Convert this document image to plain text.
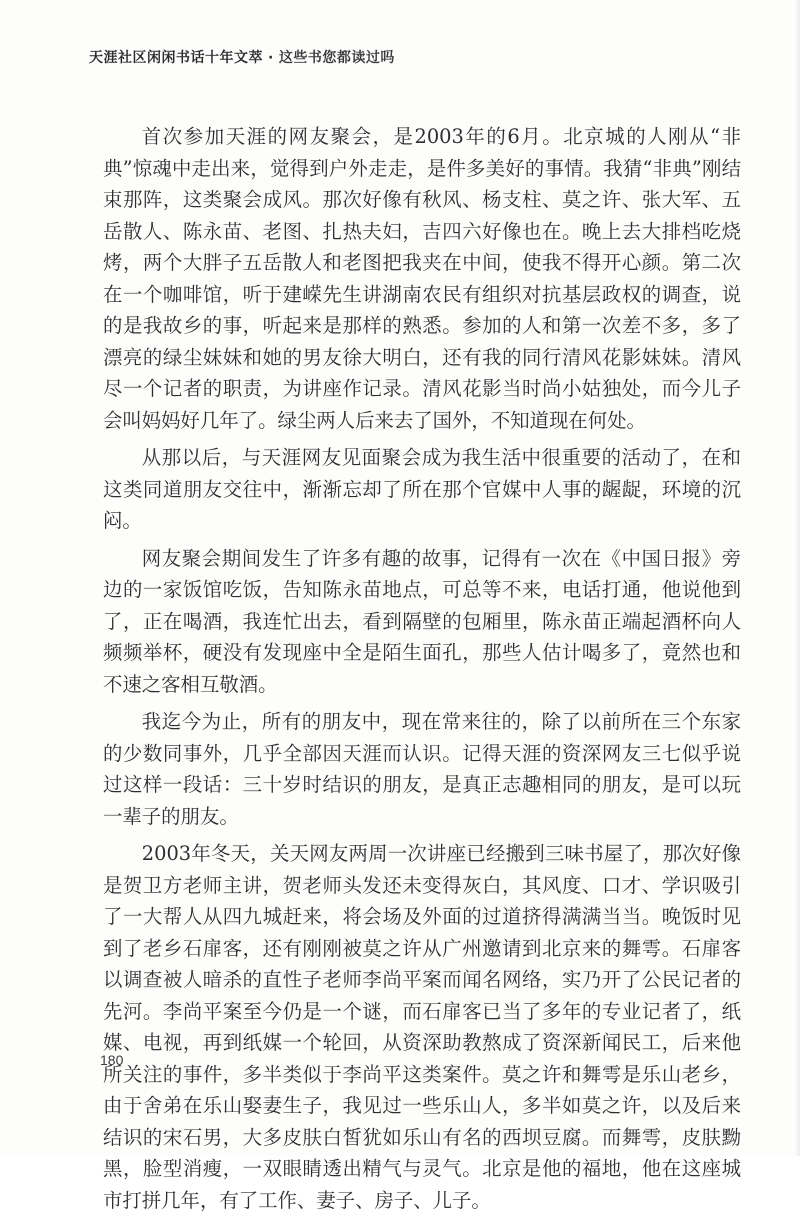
天涯社区闲闲书话十年文萃 · 这些书您都读过吗

首次参加天涯的网友聚会，是2003年的6月。北京城的人刚从“非典”惊魂中走出来，觉得到户外走走，是件多美好的事情。我猜“非典”刚结束那阵，这类聚会成风。那次好像有秋风、杨支柱、莫之许、张大军、五岳散人、陈永苗、老图、扎热夫妇，吉四六好像也在。晚上去大排档吃烧烤，两个大胖子五岳散人和老图把我夹在中间，使我不得开心颜。第二次在一个咖啡馆，听于建嵘先生讲湖南农民有组织对抗基层政权的调查，说的是我故乡的事，听起来是那样的熟悉。参加的人和第一次差不多，多了漂亮的绿尘妹妹和她的男友徐大明白，还有我的同行清风花影妹妹。清风尽一个记者的职责，为讲座作记录。清风花影当时尚小姑独处，而今儿子会叫妈妈好几年了。绿尘两人后来去了国外，不知道现在何处。

从那以后，与天涯网友见面聚会成为我生活中很重要的活动了，在和这类同道朋友交往中，渐渐忘却了所在那个官媒中人事的龌龊，环境的沉闷。

网友聚会期间发生了许多有趣的故事，记得有一次在《中国日报》旁边的一家饭馆吃饭，告知陈永苗地点，可总等不来，电话打通，他说他到了，正在喝酒，我连忙出去，看到隔壁的包厢里，陈永苗正端起酒杯向人频频举杯，硬没有发现座中全是陌生面孔，那些人估计喝多了，竟然也和不速之客相互敬酒。

我迄今为止，所有的朋友中，现在常来往的，除了以前所在三个东家的少数同事外，几乎全部因天涯而认识。记得天涯的资深网友三七似乎说过这样一段话：三十岁时结识的朋友，是真正志趣相同的朋友，是可以玩一辈子的朋友。

2003年冬天，关天网友两周一次讲座已经搬到三味书屋了，那次好像是贺卫方老师主讲，贺老师头发还未变得灰白，其风度、口才、学识吸引了一大帮人从四九城赶来，将会场及外面的过道挤得满满当当。晚饭时见到了老乡石扉客，还有刚刚被莫之许从广州邀请到北京来的舞雩。石扉客以调查被人暗杀的直性子老师李尚平案而闻名网络，实乃开了公民记者的先河。李尚平案至今仍是一个谜，而石扉客已当了多年的专业记者了，纸媒、电视，再到纸媒一个轮回，从资深助教熬成了资深新闻民工，后来他所关注的事件，多半类似于李尚平这类案件。莫之许和舞雩是乐山老乡，由于舍弟在乐山娶妻生子，我见过一些乐山人，多半如莫之许，以及后来结识的宋石男，大多皮肤白皙犹如乐山有名的西坝豆腐。而舞雩，皮肤黝黑，脸型消瘦，一双眼睛透出精气与灵气。北京是他的福地，他在这座城市打拼几年，有了工作、妻子、房子、儿子。

180
